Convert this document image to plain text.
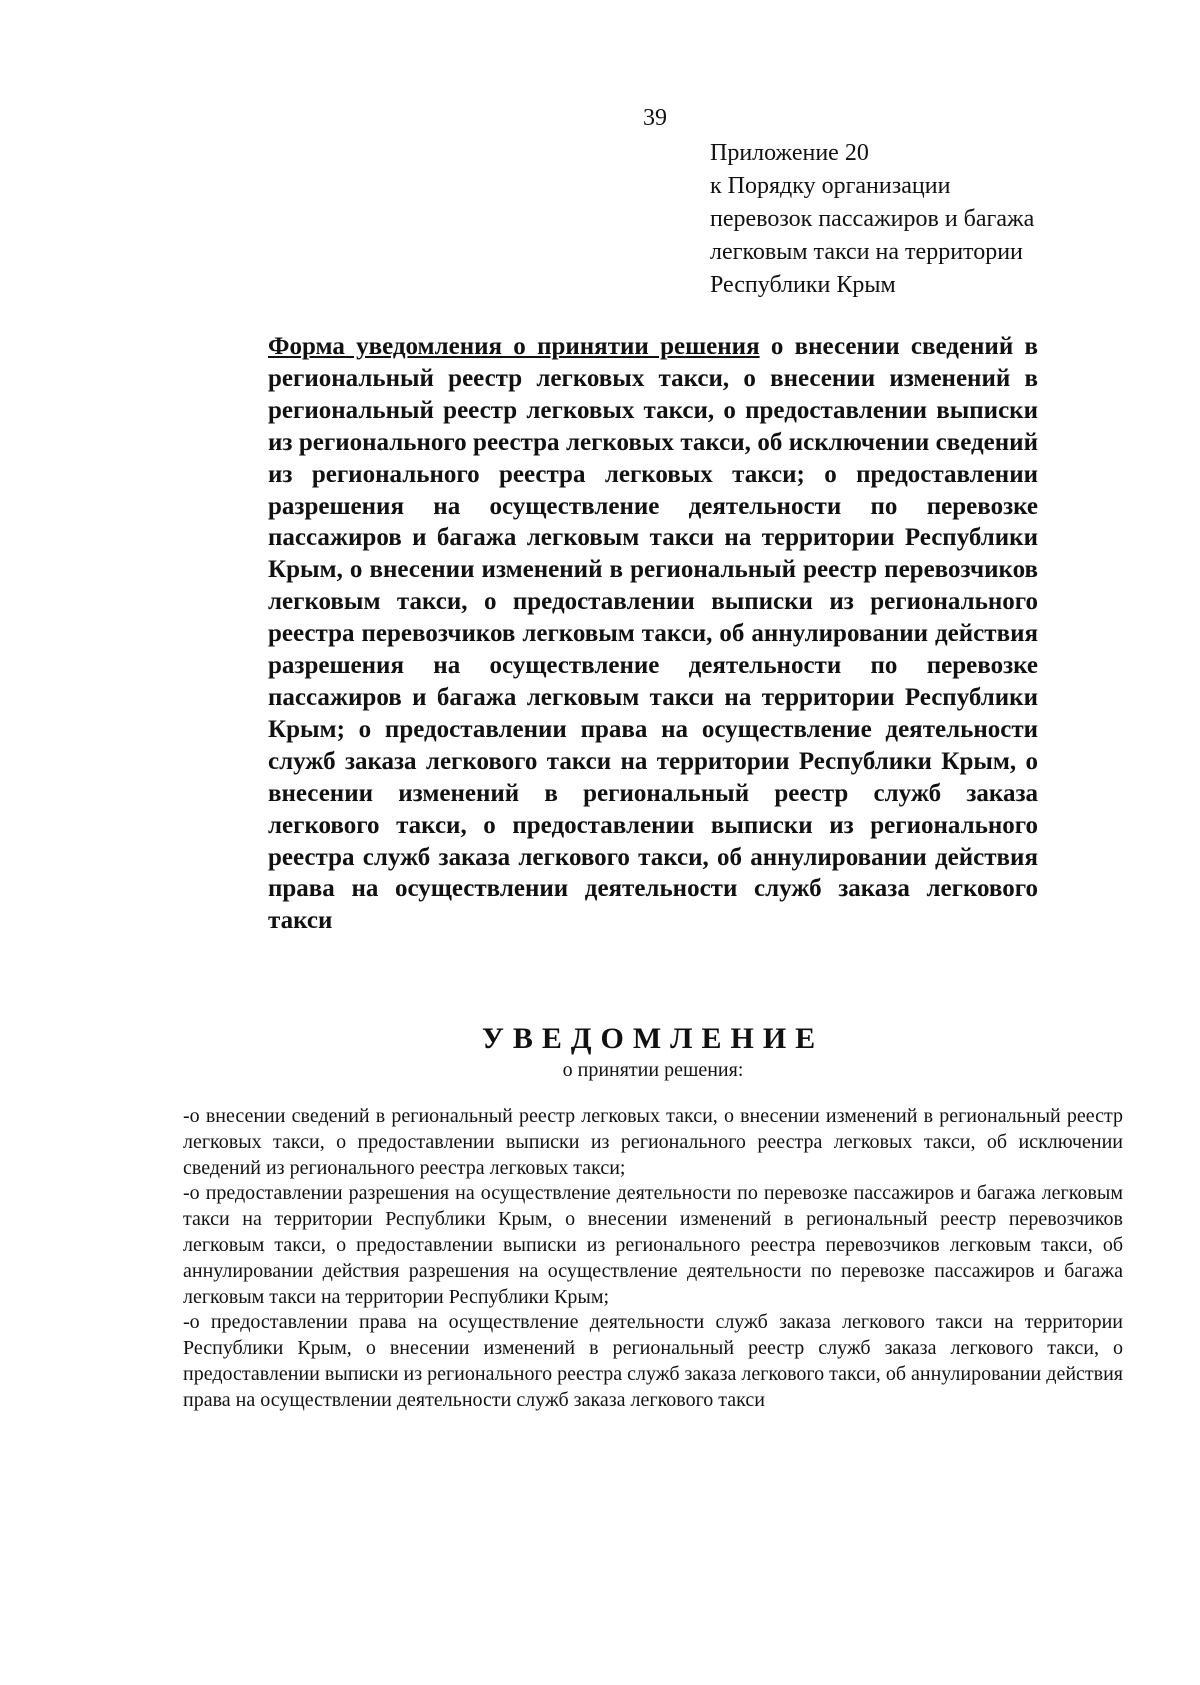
39

Приложение 20
к Порядку организации
перевозок пассажиров и багажа
легковым такси на территории
Республики Крым

Форма уведомления о принятии решения о внесении сведений в региональный реестр легковых такси, о внесении изменений в региональный реестр легковых такси, о предоставлении выписки из регионального реестра легковых такси, об исключении сведений из регионального реестра легковых такси; о предоставлении разрешения на осуществление деятельности по перевозке пассажиров и багажа легковым такси на территории Республики Крым, о внесении изменений в региональный реестр перевозчиков легковым такси, о предоставлении выписки из регионального реестра перевозчиков легковым такси, об аннулировании действия разрешения на осуществление деятельности по перевозке пассажиров и багажа легковым такси на территории Республики Крым; о предоставлении права на осуществление деятельности служб заказа легкового такси на территории Республики Крым, о внесении изменений в региональный реестр служб заказа легкового такси, о предоставлении выписки из регионального реестра служб заказа легкового такси, об аннулировании действия права на осуществлении деятельности служб заказа легкового такси

УВЕДОМЛЕНИЕ

о принятии решения:

-о внесении сведений в региональный реестр легковых такси, о внесении изменений в региональный реестр легковых такси, о предоставлении выписки из регионального реестра легковых такси, об исключении сведений из регионального реестра легковых такси;

-о предоставлении разрешения на осуществление деятельности по перевозке пассажиров и багажа легковым такси на территории Республики Крым, о внесении изменений в региональный реестр перевозчиков легковым такси, о предоставлении выписки из регионального реестра перевозчиков легковым такси, об аннулировании действия разрешения на осуществление деятельности по перевозке пассажиров и багажа легковым такси на территории Республики Крым;

-о предоставлении права на осуществление деятельности служб заказа легкового такси на территории Республики Крым, о внесении изменений в региональный реестр служб заказа легкового такси, о предоставлении выписки из регионального реестра служб заказа легкового такси, об аннулировании действия права на осуществлении деятельности служб заказа легкового такси
